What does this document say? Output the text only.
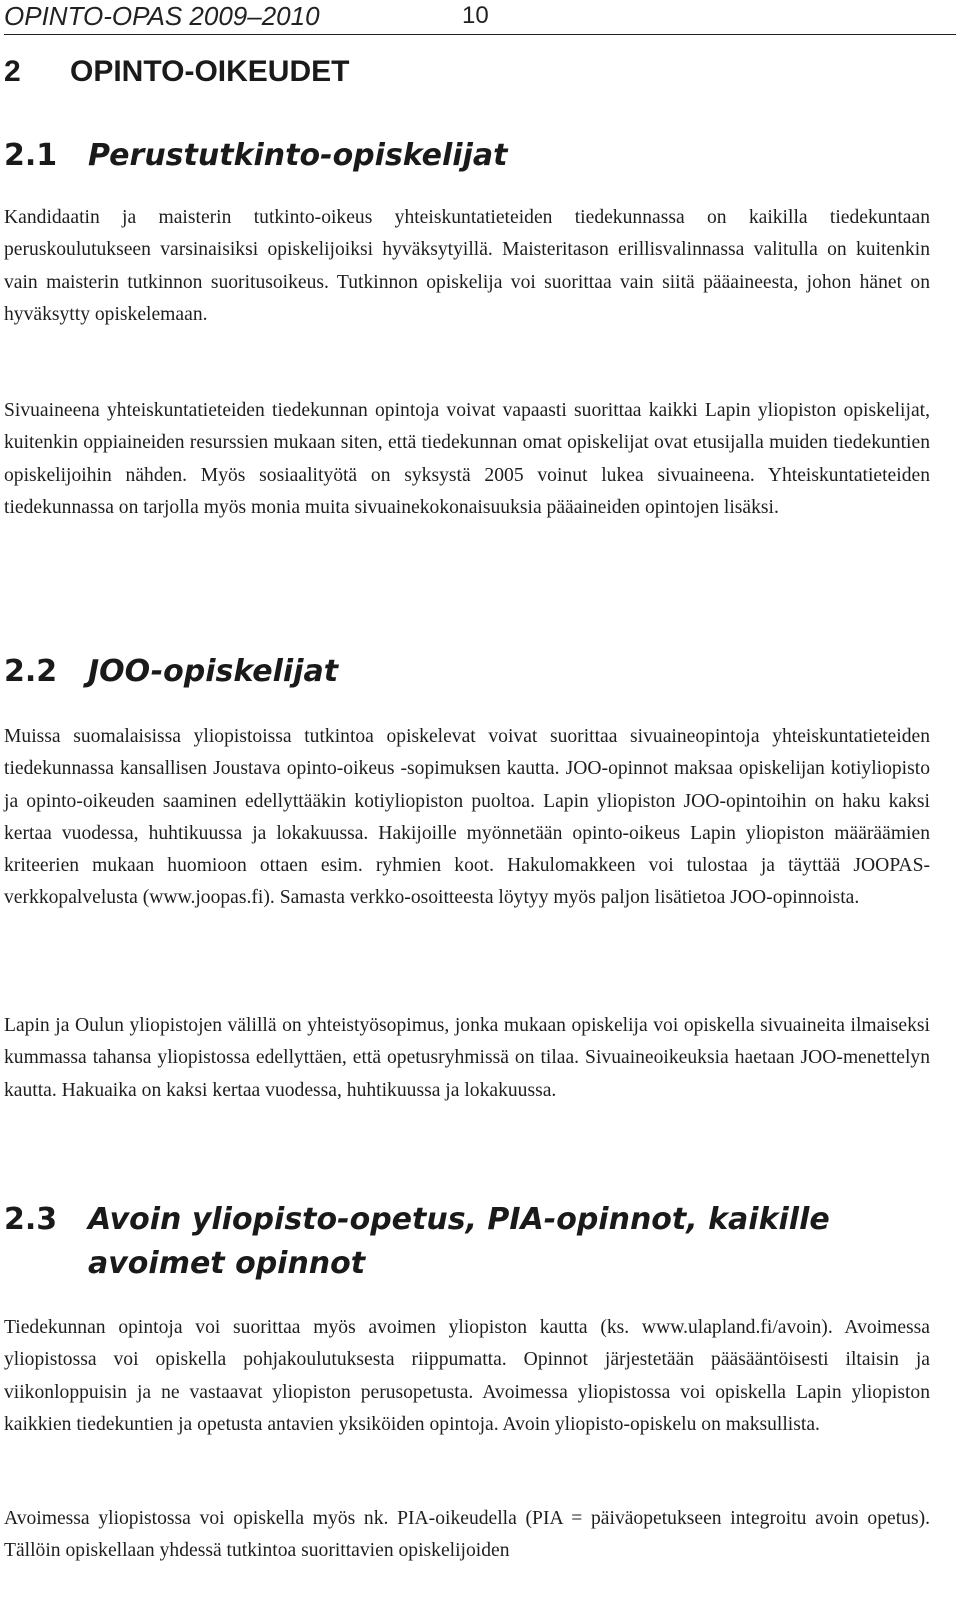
OPINTO-OPAS 2009–2010	10
2 OPINTO-OIKEUDET
2.1 Perustutkinto-opiskelijat

Kandidaatin ja maisterin tutkinto-oikeus yhteiskuntatieteiden tiedekunnassa on kaikilla tiedekuntaan peruskoulutukseen varsinaisiksi opiskelijoiksi hyväksytyillä. Maisteritason erillisvalinnassa valitulla on kuitenkin vain maisterin tutkinnon suoritusoikeus. Tutkinnon opiskelija voi suorittaa vain siitä pääaineesta, johon hänet on hyväksytty opiskelemaan.

Sivuaineena yhteiskuntatieteiden tiedekunnan opintoja voivat vapaasti suorittaa kaikki Lapin yliopiston opiskelijat, kuitenkin oppiaineiden resurssien mukaan siten, että tiedekunnan omat opiskelijat ovat etusijalla muiden tiedekuntien opiskelijoihin nähden. Myös sosiaalityötä on syksystä 2005 voinut lukea sivuaineena. Yhteiskuntatieteiden tiedekunnassa on tarjolla myös monia muita sivuainekokonaisuuksia pääaineiden opintojen lisäksi.

2.2 JOO-opiskelijat

Muissa suomalaisissa yliopistoissa tutkintoa opiskelevat voivat suorittaa sivuaineopintoja yhteiskuntatieteiden tiedekunnassa kansallisen Joustava opinto-oikeus -sopimuksen kautta. JOO-opinnot maksaa opiskelijan kotiyliopisto ja opinto-oikeuden saaminen edellyttääkin kotiyliopiston puoltoa. Lapin yliopiston JOO-opintoihin on haku kaksi kertaa vuodessa, huhtikuussa ja lokakuussa. Hakijoille myönnetään opinto-oikeus Lapin yliopiston määräämien kriteerien mukaan huomioon ottaen esim. ryhmien koot. Hakulomakkeen voi tulostaa ja täyttää JOOPAS-verkkopalvelusta (www.joopas.fi). Samasta verkko-osoitteesta löytyy myös paljon lisätietoa JOO-opinnoista.

Lapin ja Oulun yliopistojen välillä on yhteistyösopimus, jonka mukaan opiskelija voi opiskella sivuaineita ilmaiseksi kummassa tahansa yliopistossa edellyttäen, että opetusryhmissä on tilaa. Sivuaineoikeuksia haetaan JOO-menettelyn kautta. Hakuaika on kaksi kertaa vuodessa, huhtikuussa ja lokakuussa.

2.3 Avoin yliopisto-opetus, PIA-opinnot, kaikille avoimet opinnot

Tiedekunnan opintoja voi suorittaa myös avoimen yliopiston kautta (ks. www.ulapland.fi/avoin). Avoimessa yliopistossa voi opiskella pohjakoulutuksesta riippumatta. Opinnot järjestetään pääsääntöisesti iltaisin ja viikonloppuisin ja ne vastaavat yliopiston perusopetusta. Avoimessa yliopistossa voi opiskella Lapin yliopiston kaikkien tiedekuntien ja opetusta antavien yksiköiden opintoja. Avoin yliopisto-opiskelu on maksullista.

Avoimessa yliopistossa voi opiskella myös nk. PIA-oikeudella (PIA = päiväopetukseen integroitu avoin opetus). Tällöin opiskellaan yhdessä tutkintoa suorittavien opiskelijoiden
